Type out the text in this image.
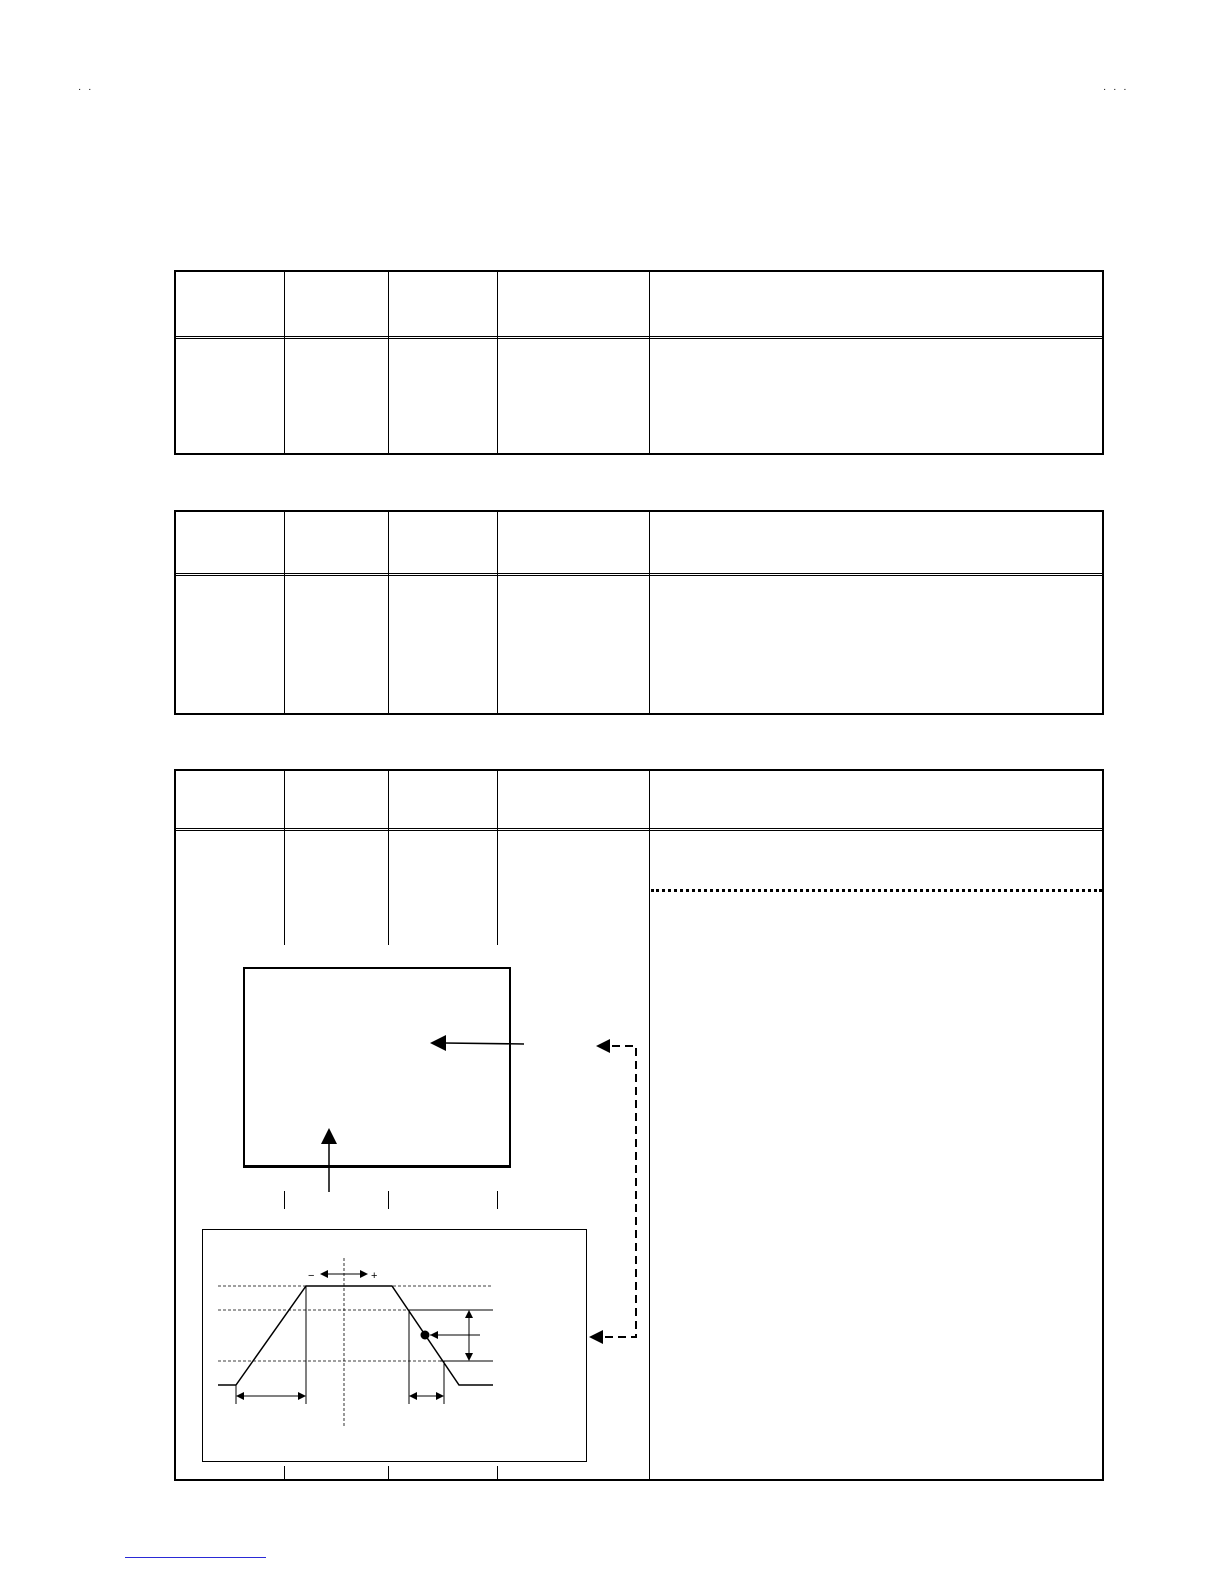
· ·	· · ·
−	+
